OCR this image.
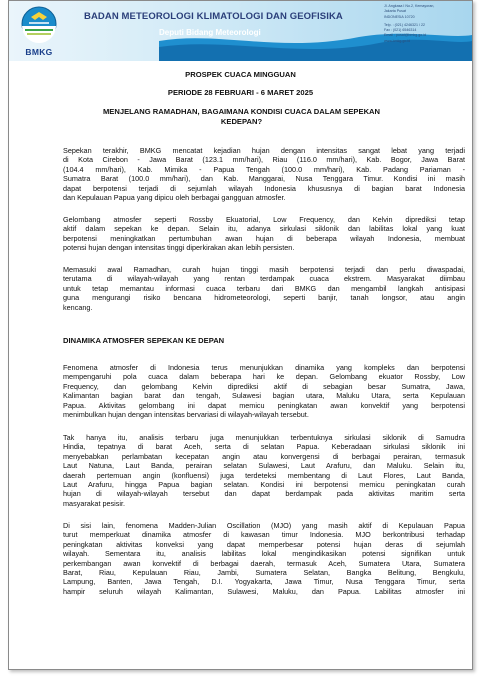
BMKG
BADAN METEOROLOGI KLIMATOLOGI DAN GEOFISIKA
Deputi Bidang Meteorologi
Jl. Angkasa I No.2, Kemayoran,
Jakarta Pusat
INDONESIA 10720
Telp. : (021) 4246321 / 22
Fax : (021) 6546314
Email : pusat@bmkg.go.id
www.bmkg.go.id
PROSPEK CUACA MINGGUAN
PERIODE 28 FEBRUARI - 6 MARET 2025
MENJELANG RAMADHAN, BAGAIMANA KONDISI CUACA DALAM SEPEKAN
KEDEPAN?
Sepekan terakhir, BMKG mencatat kejadian hujan dengan intensitas sangat lebat yang terjadi
di Kota Cirebon - Jawa Barat (123.1 mm/hari), Riau (116.0 mm/hari), Kab. Bogor, Jawa Barat
(104.4 mm/hari), Kab. Mimika - Papua Tengah (100.0 mm/hari), Kab. Padang Pariaman -
Sumatra Barat (100.0 mm/hari), dan Kab. Manggarai, Nusa Tenggara Timur. Kondisi ini masih
dapat berpotensi terjadi di sejumlah wilayah Indonesia khususnya di bagian barat Indonesia
dan Kepulauan Papua yang dipicu oleh berbagai gangguan atmosfer.
Gelombang atmosfer seperti Rossby Ekuatorial, Low Frequency, dan Kelvin diprediksi tetap
aktif dalam sepekan ke depan. Selain itu, adanya sirkulasi siklonik dan labilitas lokal yang kuat
berpotensi meningkatkan pertumbuhan awan hujan di beberapa wilayah Indonesia, membuat
potensi hujan dengan intensitas tinggi diperkirakan akan lebih persisten.
Memasuki awal Ramadhan, curah hujan tinggi masih berpotensi terjadi dan perlu diwaspadai,
terutama di wilayah-wilayah yang rentan terdampak cuaca ekstrem. Masyarakat diimbau
untuk tetap memantau informasi cuaca terbaru dari BMKG dan mengambil langkah antisipasi
guna mengurangi risiko bencana hidrometeorologi, seperti banjir, tanah longsor, atau angin
kencang.
DINAMIKA ATMOSFER SEPEKAN KE DEPAN
Fenomena atmosfer di Indonesia terus menunjukkan dinamika yang kompleks dan berpotensi
mempengaruhi pola cuaca dalam beberapa hari ke depan. Gelombang ekuator Rossby, Low
Frequency, dan gelombang Kelvin diprediksi aktif di sebagian besar Sumatra, Jawa,
Kalimantan bagian barat dan tengah, Sulawesi bagian utara, Maluku Utara, serta Kepulauan
Papua. Aktivitas gelombang ini dapat memicu peningkatan awan konvektif yang berpotensi
menimbulkan hujan dengan intensitas bervariasi di wilayah-wilayah tersebut.
Tak hanya itu, analisis terbaru juga menunjukkan terbentuknya sirkulasi siklonik di Samudra
Hindia, tepatnya di barat Aceh, serta di selatan Papua. Keberadaan sirkulasi siklonik ini
menyebabkan perlambatan kecepatan angin atau konvergensi di berbagai perairan, termasuk
Laut Natuna, Laut Banda, perairan selatan Sulawesi, Laut Arafuru, dan Maluku. Selain itu,
daerah pertemuan angin (konfluensi) juga terdeteksi membentang di Laut Flores, Laut Banda,
Laut Arafuru, hingga Papua bagian selatan. Kondisi ini berpotensi memicu peningkatan curah
hujan di wilayah-wilayah tersebut dan dapat berdampak pada aktivitas maritim serta
masyarakat pesisir.
Di sisi lain, fenomena Madden-Julian Oscillation (MJO) yang masih aktif di Kepulauan Papua
turut memperkuat dinamika atmosfer di kawasan timur Indonesia. MJO berkontribusi terhadap
peningkatan aktivitas konveksi yang dapat memperbesar potensi hujan deras di sejumlah
wilayah. Sementara itu, analisis labilitas lokal mengindikasikan potensi signifikan untuk
perkembangan awan konvektif di berbagai daerah, termasuk Aceh, Sumatera Utara, Sumatera
Barat, Riau, Kepulauan Riau, Jambi, Sumatera Selatan, Bangka Belitung, Bengkulu,
Lampung, Banten, Jawa Tengah, D.I. Yogyakarta, Jawa Timur, Nusa Tenggara Timur, serta
hampir seluruh wilayah Kalimantan, Sulawesi, Maluku, dan Papua. Labilitas atmosfer ini
